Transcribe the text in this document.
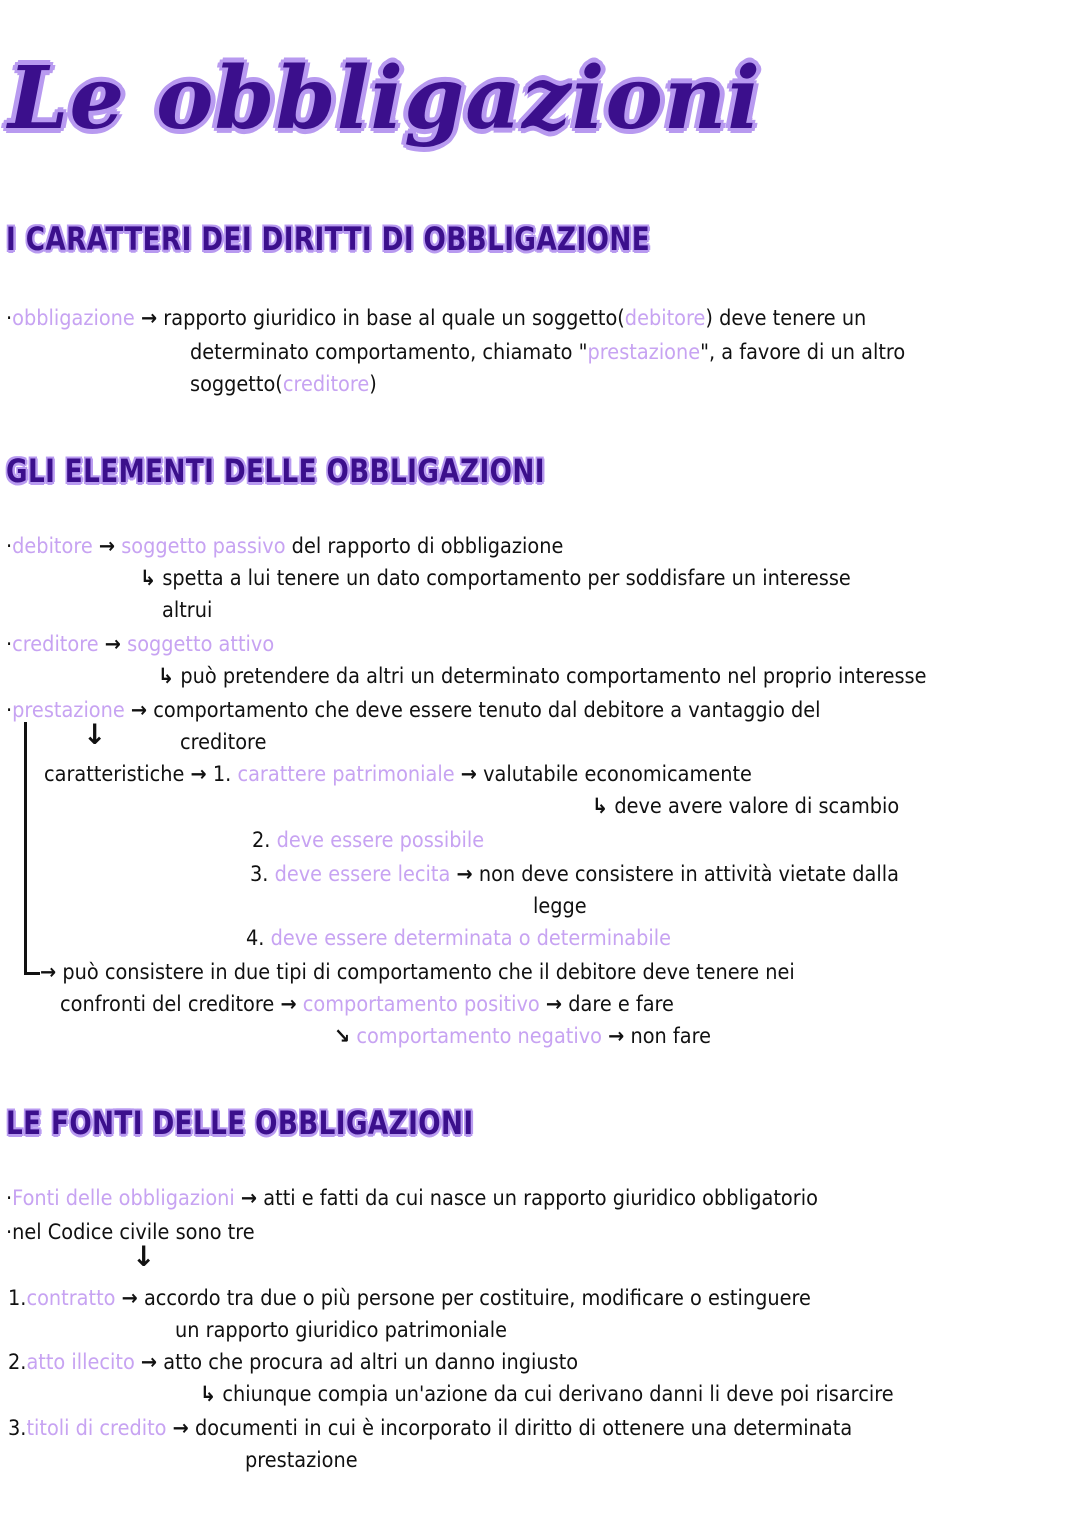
Le obbligazioni
I CARATTERI DEI DIRITTI DI OBBLIGAZIONE
·obbligazione → rapporto giuridico in base al quale un soggetto(debitore) deve tenere un
determinato comportamento, chiamato "prestazione", a favore di un altro
soggetto(creditore)
GLI ELEMENTI DELLE OBBLIGAZIONI
·debitore → soggetto passivo del rapporto di obbligazione
↳ spetta a lui tenere un dato comportamento per soddisfare un interesse
altrui
·creditore → soggetto attivo
↳ può pretendere da altri un determinato comportamento nel proprio interesse
·prestazione → comportamento che deve essere tenuto dal debitore a vantaggio del
creditore
↓
caratteristiche → 1. carattere patrimoniale → valutabile economicamente
↳ deve avere valore di scambio
2. deve essere possibile
3. deve essere lecita → non deve consistere in attività vietate dalla
legge
4. deve essere determinata o determinabile
→ può consistere in due tipi di comportamento che il debitore deve tenere nei
confronti del creditore → comportamento positivo → dare e fare
↘ comportamento negativo → non fare
LE FONTI DELLE OBBLIGAZIONI
·Fonti delle obbligazioni → atti e fatti da cui nasce un rapporto giuridico obbligatorio
·nel Codice civile sono tre
↓
1.contratto → accordo tra due o più persone per costituire, modificare o estinguere
un rapporto giuridico patrimoniale
2.atto illecito → atto che procura ad altri un danno ingiusto
↳ chiunque compia un'azione da cui derivano danni li deve poi risarcire
3.titoli di credito → documenti in cui è incorporato il diritto di ottenere una determinata
prestazione
